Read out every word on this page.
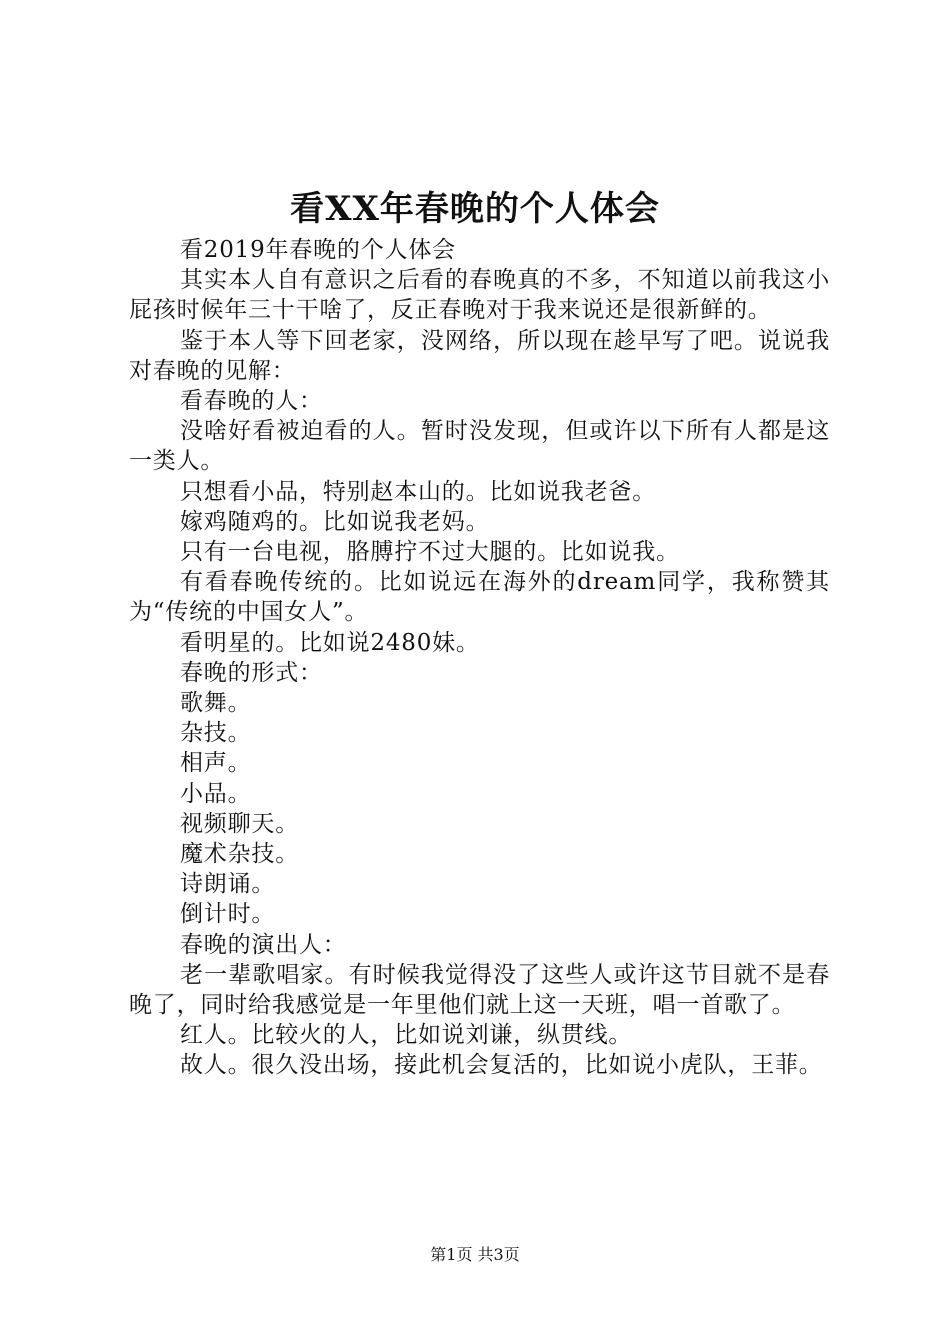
看XX年春晚的个人体会

看2019年春晚的个人体会

其实本人自有意识之后看的春晚真的不多，不知道以前我这小屁孩时候年三十干啥了，反正春晚对于我来说还是很新鲜的。

鉴于本人等下回老家，没网络，所以现在趁早写了吧。说说我对春晚的见解：

看春晚的人：

没啥好看被迫看的人。暂时没发现，但或许以下所有人都是这一类人。

只想看小品，特别赵本山的。比如说我老爸。

嫁鸡随鸡的。比如说我老妈。

只有一台电视，胳膊拧不过大腿的。比如说我。

有看春晚传统的。比如说远在海外的dream同学，我称赞其为“传统的中国女人”。

看明星的。比如说2480妹。

春晚的形式：

歌舞。

杂技。

相声。

小品。

视频聊天。

魔术杂技。

诗朗诵。

倒计时。

春晚的演出人：

老一辈歌唱家。有时候我觉得没了这些人或许这节目就不是春晚了，同时给我感觉是一年里他们就上这一天班，唱一首歌了。

红人。比较火的人，比如说刘谦，纵贯线。

故人。很久没出场，接此机会复活的，比如说小虎队，王菲。

第1页 共3页
